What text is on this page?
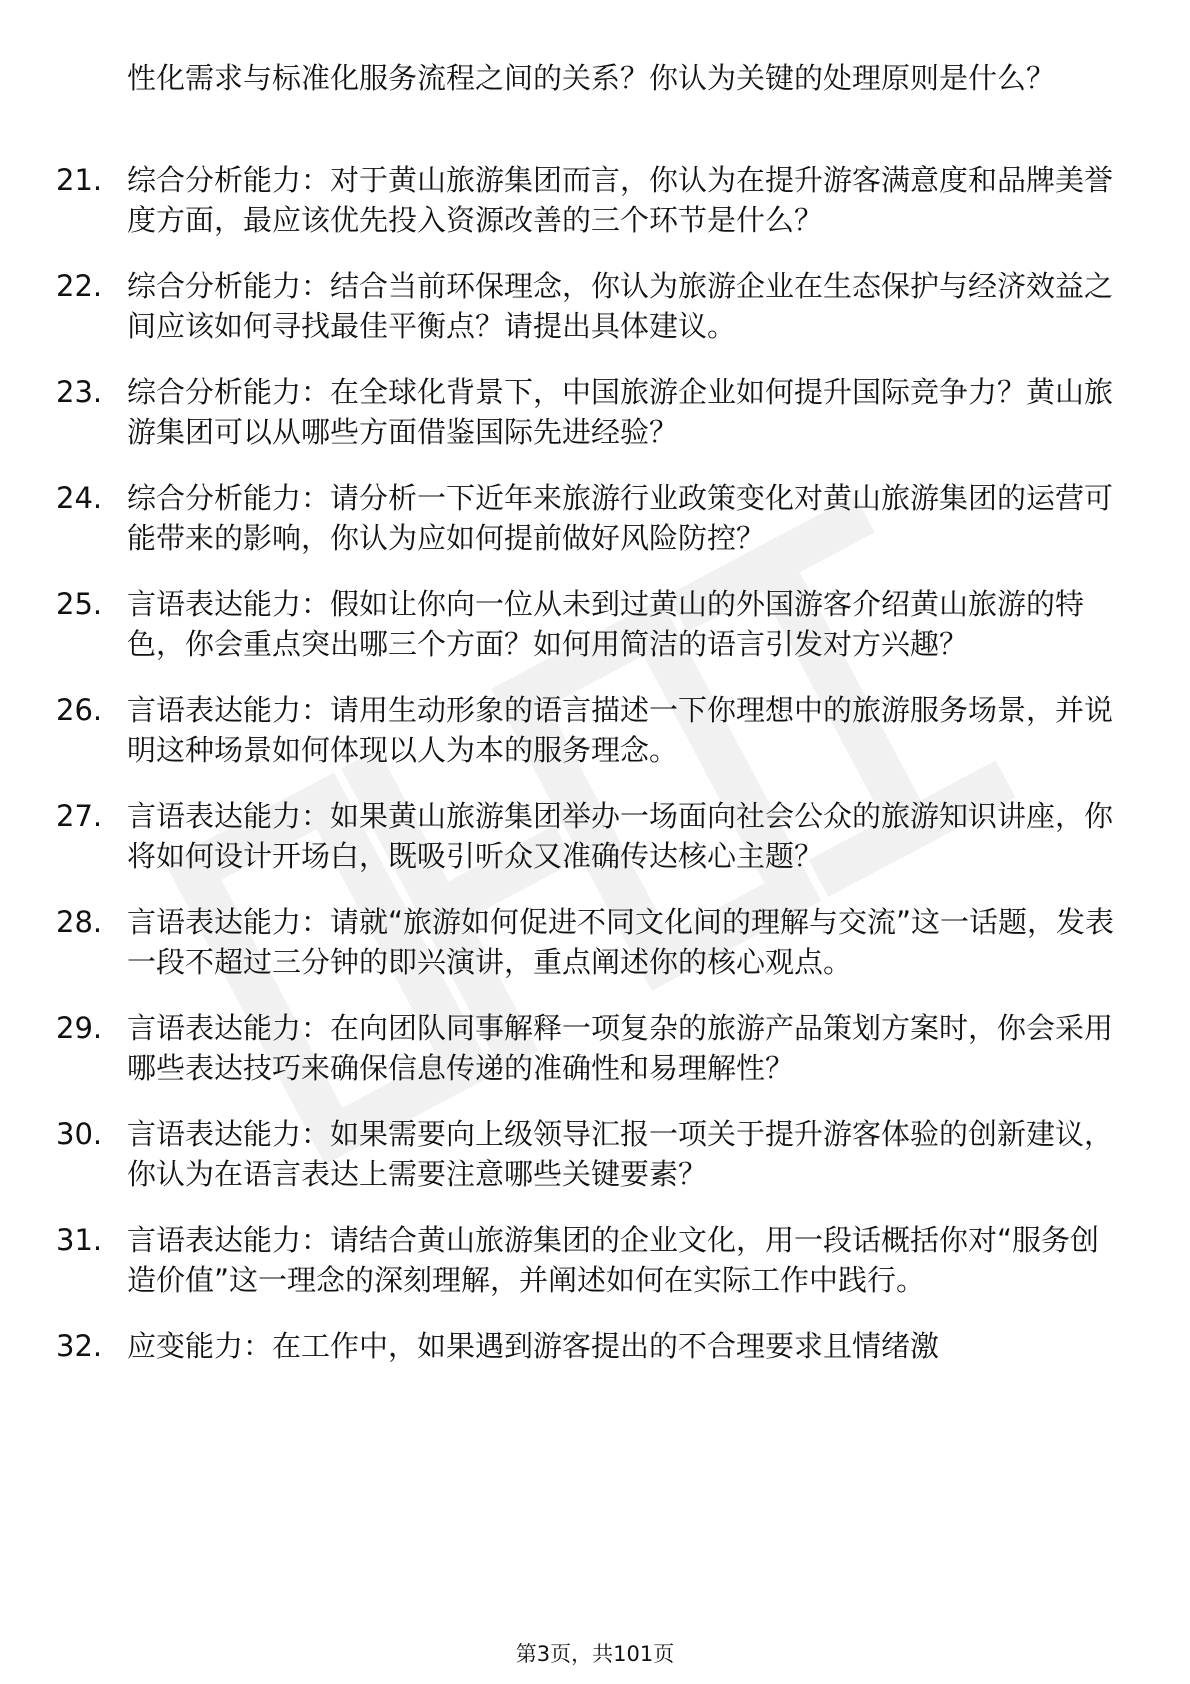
性化需求与标准化服务流程之间的关系？你认为关键的处理原则是什么？

21. 综合分析能力：对于黄山旅游集团而言，你认为在提升游客满意度和品牌美誉度方面，最应该优先投入资源改善的三个环节是什么？

22. 综合分析能力：结合当前环保理念，你认为旅游企业在生态保护与经济效益之间应该如何寻找最佳平衡点？请提出具体建议。

23. 综合分析能力：在全球化背景下，中国旅游企业如何提升国际竞争力？黄山旅游集团可以从哪些方面借鉴国际先进经验？

24. 综合分析能力：请分析一下近年来旅游行业政策变化对黄山旅游集团的运营可能带来的影响，你认为应如何提前做好风险防控？

25. 言语表达能力：假如让你向一位从未到过黄山的外国游客介绍黄山旅游的特色，你会重点突出哪三个方面？如何用简洁的语言引发对方兴趣？

26. 言语表达能力：请用生动形象的语言描述一下你理想中的旅游服务场景，并说明这种场景如何体现以人为本的服务理念。

27. 言语表达能力：如果黄山旅游集团举办一场面向社会公众的旅游知识讲座，你将如何设计开场白，既吸引听众又准确传达核心主题？

28. 言语表达能力：请就“旅游如何促进不同文化间的理解与交流”这一话题，发表一段不超过三分钟的即兴演讲，重点阐述你的核心观点。

29. 言语表达能力：在向团队同事解释一项复杂的旅游产品策划方案时，你会采用哪些表达技巧来确保信息传递的准确性和易理解性？

30. 言语表达能力：如果需要向上级领导汇报一项关于提升游客体验的创新建议，你认为在语言表达上需要注意哪些关键要素？

31. 言语表达能力：请结合黄山旅游集团的企业文化，用一段话概括你对“服务创造价值”这一理念的深刻理解，并阐述如何在实际工作中践行。

32. 应变能力：在工作中，如果遇到游客提出的不合理要求且情绪激

第3页，共101页
